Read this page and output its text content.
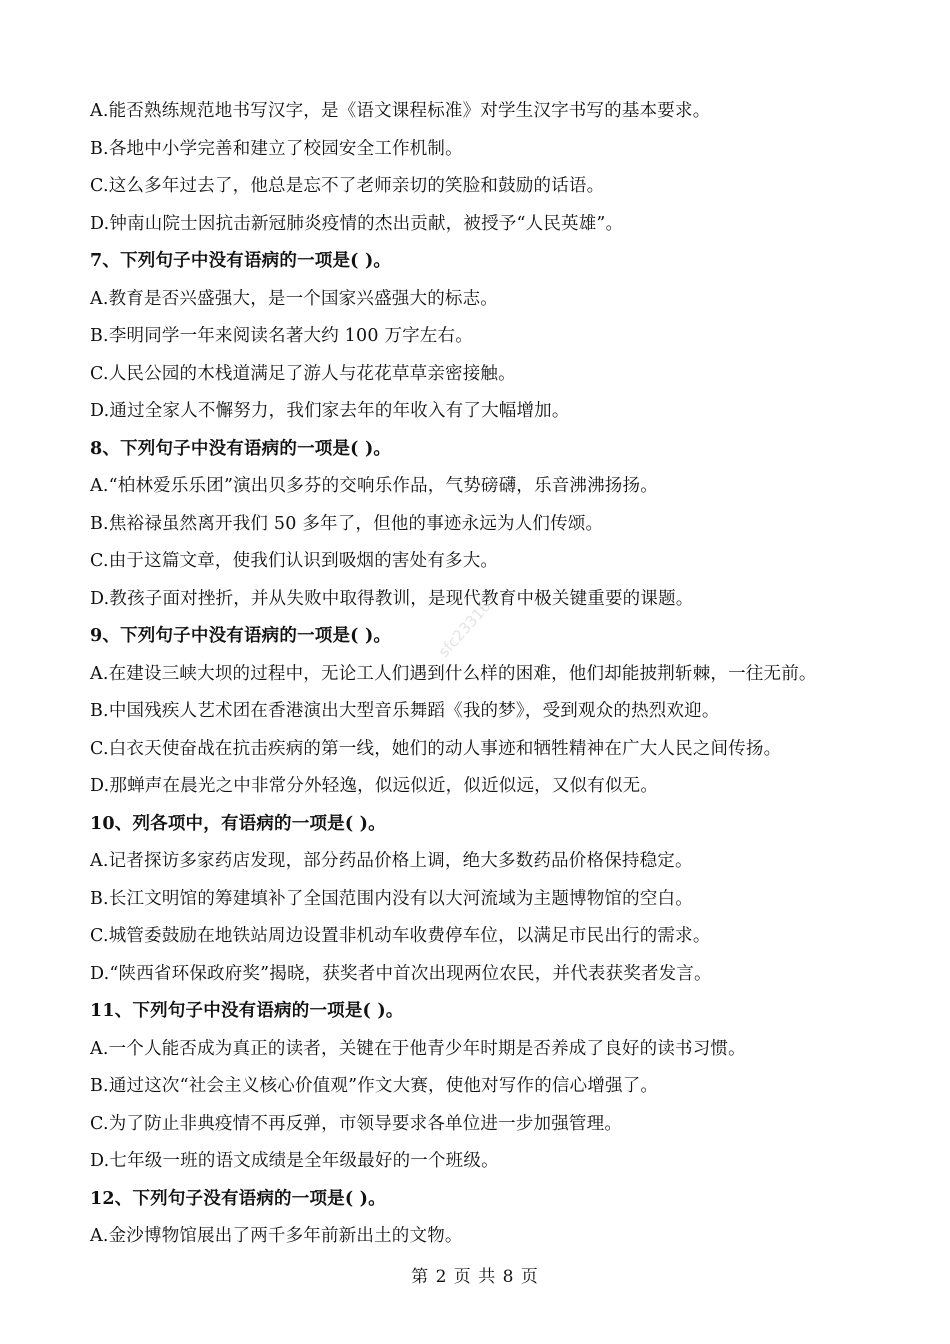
A.能否熟练规范地书写汉字，是《语文课程标准》对学生汉字书写的基本要求。
B.各地中小学完善和建立了校园安全工作机制。
C.这么多年过去了，他总是忘不了老师亲切的笑脸和鼓励的话语。
D.钟南山院士因抗击新冠肺炎疫情的杰出贡献，被授予“人民英雄”。
7、下列句子中没有语病的一项是( )。
A.教育是否兴盛强大，是一个国家兴盛强大的标志。
B.李明同学一年来阅读名著大约 100 万字左右。
C.人民公园的木栈道满足了游人与花花草草亲密接触。
D.通过全家人不懈努力，我们家去年的年收入有了大幅增加。
8、下列句子中没有语病的一项是( )。
A.“柏林爱乐乐团”演出贝多芬的交响乐作品，气势磅礴，乐音沸沸扬扬。
B.焦裕禄虽然离开我们 50 多年了，但他的事迹永远为人们传颂。
C.由于这篇文章，使我们认识到吸烟的害处有多大。
D.教孩子面对挫折，并从失败中取得教训，是现代教育中极关键重要的课题。
9、下列句子中没有语病的一项是( )。
A.在建设三峡大坝的过程中，无论工人们遇到什么样的困难，他们却能披荆斩棘，一往无前。
B.中国残疾人艺术团在香港演出大型音乐舞蹈《我的梦》，受到观众的热烈欢迎。
C.白衣天使奋战在抗击疾病的第一线，她们的动人事迹和牺牲精神在广大人民之间传扬。
D.那蝉声在晨光之中非常分外轻逸，似远似近，似近似远，又似有似无。
10、列各项中，有语病的一项是( )。
A.记者探访多家药店发现，部分药品价格上调，绝大多数药品价格保持稳定。
B.长江文明馆的筹建填补了全国范围内没有以大河流域为主题博物馆的空白。
C.城管委鼓励在地铁站周边设置非机动车收费停车位，以满足市民出行的需求。
D.“陕西省环保政府奖”揭晓，获奖者中首次出现两位农民，并代表获奖者发言。
11、下列句子中没有语病的一项是( )。
A.一个人能否成为真正的读者，关键在于他青少年时期是否养成了良好的读书习惯。
B.通过这次“社会主义核心价值观”作文大赛，使他对写作的信心增强了。
C.为了防止非典疫情不再反弹，市领导要求各单位进一步加强管理。
D.七年级一班的语文成绩是全年级最好的一个班级。
12、下列句子没有语病的一项是( )。
A.金沙博物馆展出了两千多年前新出土的文物。
sfc23316
第 2 页 共 8 页
